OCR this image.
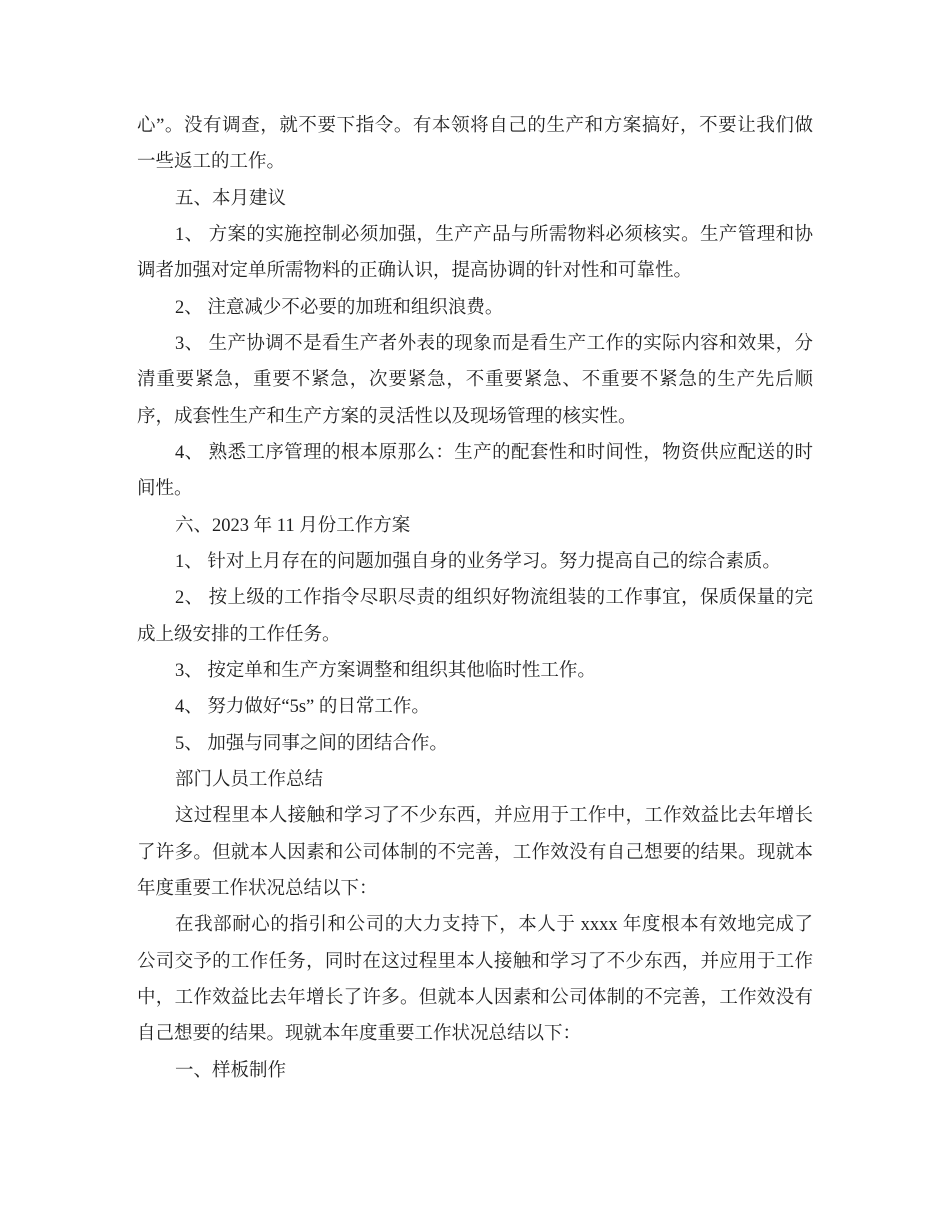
心”。没有调查，就不要下指令。有本领将自己的生产和方案搞好，不要让我们做
一些返工的工作。
五、本月建议
1、 方案的实施控制必须加强，生产产品与所需物料必须核实。生产管理和协
调者加强对定单所需物料的正确认识，提高协调的针对性和可靠性。
2、 注意减少不必要的加班和组织浪费。
3、 生产协调不是看生产者外表的现象而是看生产工作的实际内容和效果，分
清重要紧急，重要不紧急，次要紧急，不重要紧急、不重要不紧急的生产先后顺
序，成套性生产和生产方案的灵活性以及现场管理的核实性。
4、 熟悉工序管理的根本原那么：生产的配套性和时间性，物资供应配送的时
间性。
六、2023 年 11 月份工作方案
1、 针对上月存在的问题加强自身的业务学习。努力提高自己的综合素质。
2、 按上级的工作指令尽职尽责的组织好物流组装的工作事宜，保质保量的完
成上级安排的工作任务。
3、 按定单和生产方案调整和组织其他临时性工作。
4、 努力做好“5s” 的日常工作。
5、 加强与同事之间的团结合作。
部门人员工作总结
这过程里本人接触和学习了不少东西，并应用于工作中，工作效益比去年增长
了许多。但就本人因素和公司体制的不完善，工作效没有自己想要的结果。现就本
年度重要工作状况总结以下：
在我部耐心的指引和公司的大力支持下，本人于 xxxx 年度根本有效地完成了
公司交予的工作任务，同时在这过程里本人接触和学习了不少东西，并应用于工作
中，工作效益比去年增长了许多。但就本人因素和公司体制的不完善，工作效没有
自己想要的结果。现就本年度重要工作状况总结以下：
一、样板制作
